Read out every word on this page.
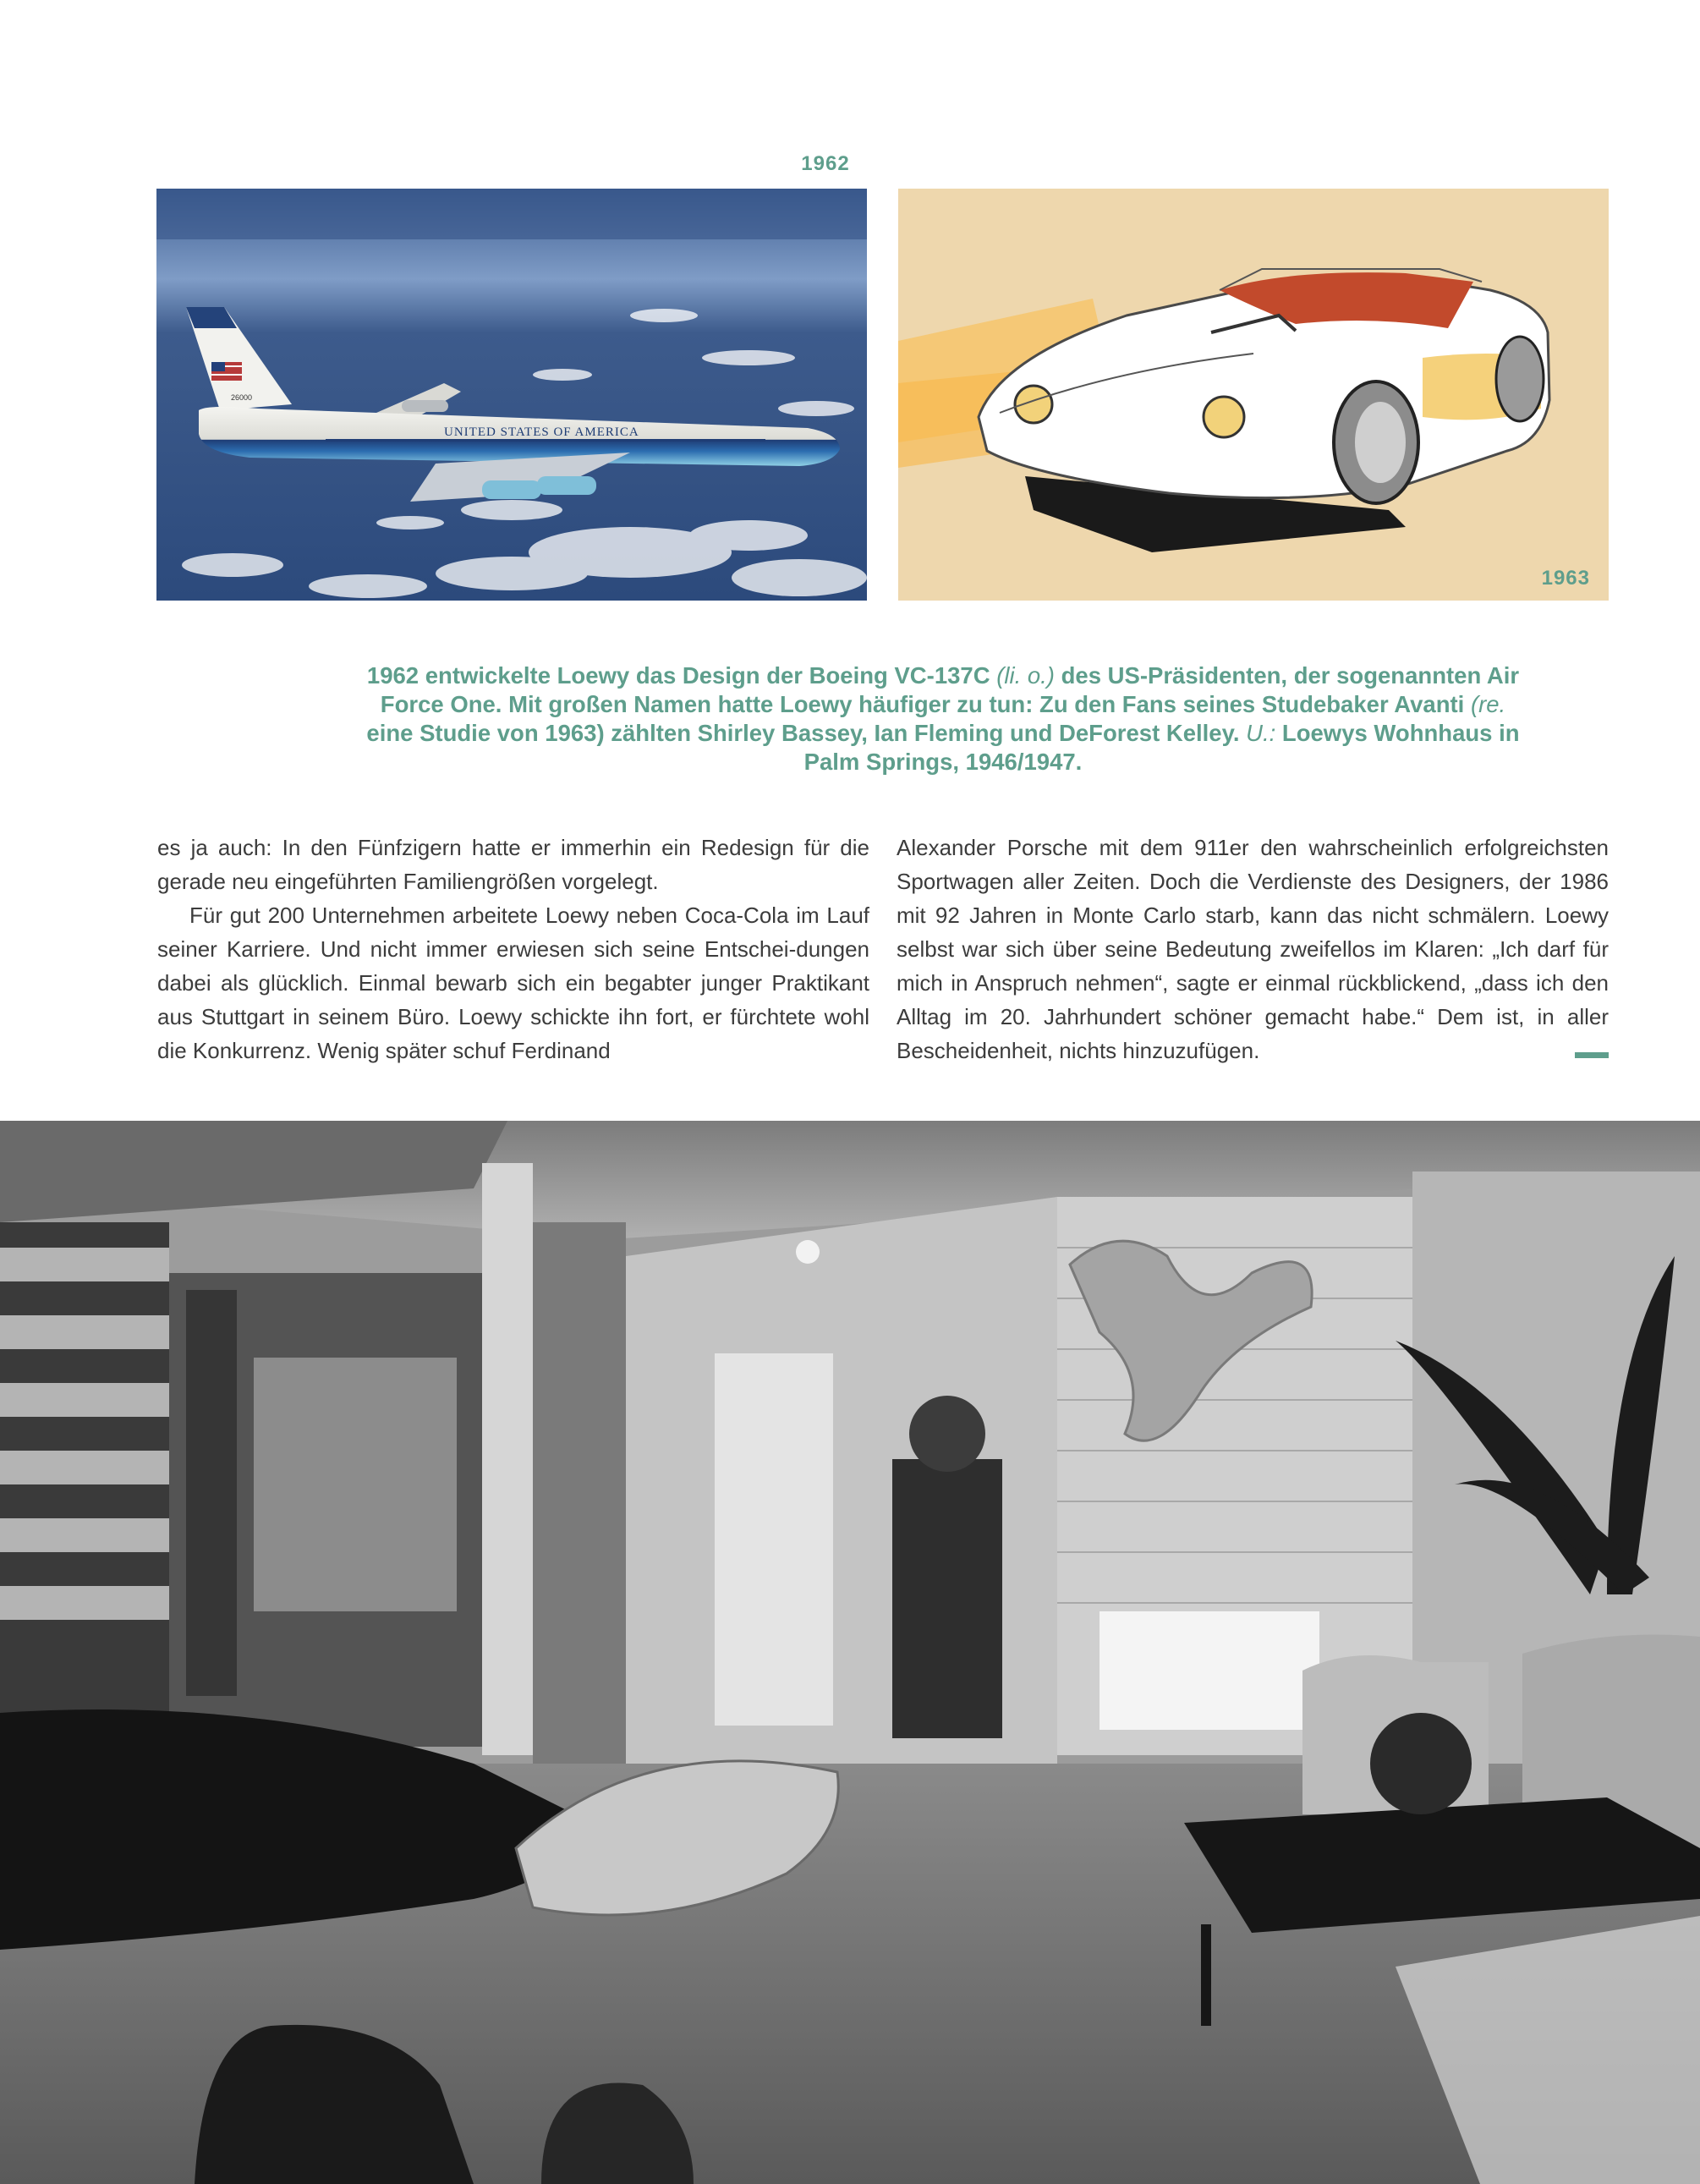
1962
26000
UNITED STATES OF AMERICA
1963
1962 entwickelte Loewy das Design der Boeing VC-137C (li. o.) des US-Präsidenten, der sogenannten Air Force One. Mit großen Namen hatte Loewy häufiger zu tun: Zu den Fans seines Studebaker Avanti (re. eine Studie von 1963) zählten Shirley Bassey, Ian Fleming und DeForest Kelley. U.: Loewys Wohnhaus in Palm Springs, 1946/1947.

es ja auch: In den Fünfzigern hatte er immerhin ein Redesign für die gerade neu eingeführten Familiengrößen vorgelegt.

Für gut 200 Unternehmen arbeitete Loewy neben Coca-Cola im Lauf seiner Karriere. Und nicht immer erwiesen sich seine Entschei-dungen dabei als glücklich. Einmal bewarb sich ein begabter junger Praktikant aus Stuttgart in seinem Büro. Loewy schickte ihn fort, er fürchtete wohl die Konkurrenz. Wenig später schuf Ferdinand

Alexander Porsche mit dem 911er den wahrscheinlich erfolgreichsten Sportwagen aller Zeiten. Doch die Verdienste des Designers, der 1986 mit 92 Jahren in Monte Carlo starb, kann das nicht schmälern. Loewy selbst war sich über seine Bedeutung zweifellos im Klaren: „Ich darf für mich in Anspruch nehmen“, sagte er einmal rückblickend, „dass ich den Alltag im 20. Jahrhundert schöner gemacht habe.“ Dem ist, in aller Bescheidenheit, nichts hinzuzufügen.
